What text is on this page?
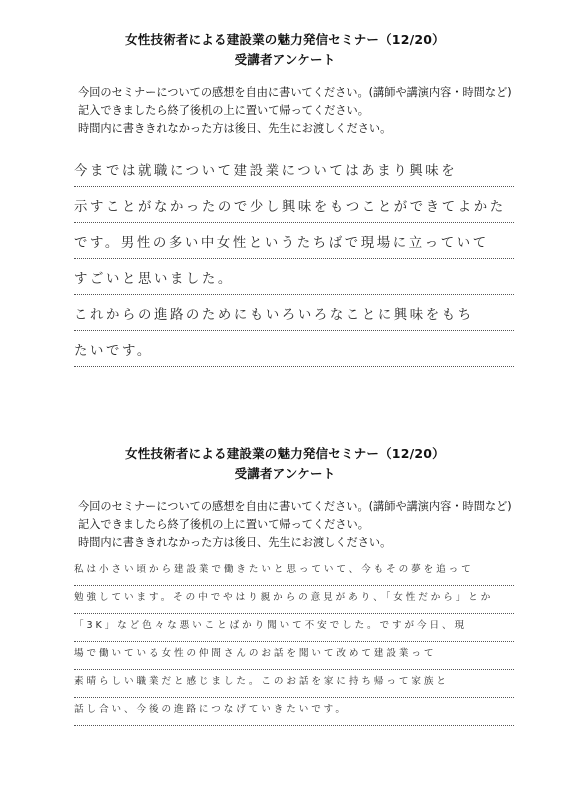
女性技術者による建設業の魅力発信セミナー（12/20）
受講者アンケート
今回のセミナーについての感想を自由に書いてください。(講師や講演内容・時間など)
記入できましたら終了後机の上に置いて帰ってください。
時間内に書ききれなかった方は後日、先生にお渡しください。
今までは就職について建設業についてはあまり興味を
示すことがなかったので少し興味をもつことができてよかた
です。男性の多い中女性というたちばで現場に立っていて
すごいと思いました。
これからの進路のためにもいろいろなことに興味をもち
たいです。
女性技術者による建設業の魅力発信セミナー（12/20）
受講者アンケート
今回のセミナーについての感想を自由に書いてください。(講師や講演内容・時間など)
記入できましたら終了後机の上に置いて帰ってください。
時間内に書ききれなかった方は後日、先生にお渡しください。
私は小さい頃から建設業で働きたいと思っていて、今もその夢を追って
勉強しています。その中でやはり親からの意見があり、「女性だから」とか
「3K」など色々な悪いことばかり聞いて不安でした。ですが今日、現
場で働いている女性の仲間さんのお話を聞いて改めて建設業って
素晴らしい職業だと感じました。このお話を家に持ち帰って家族と
話し合い、今後の進路につなげていきたいです。
